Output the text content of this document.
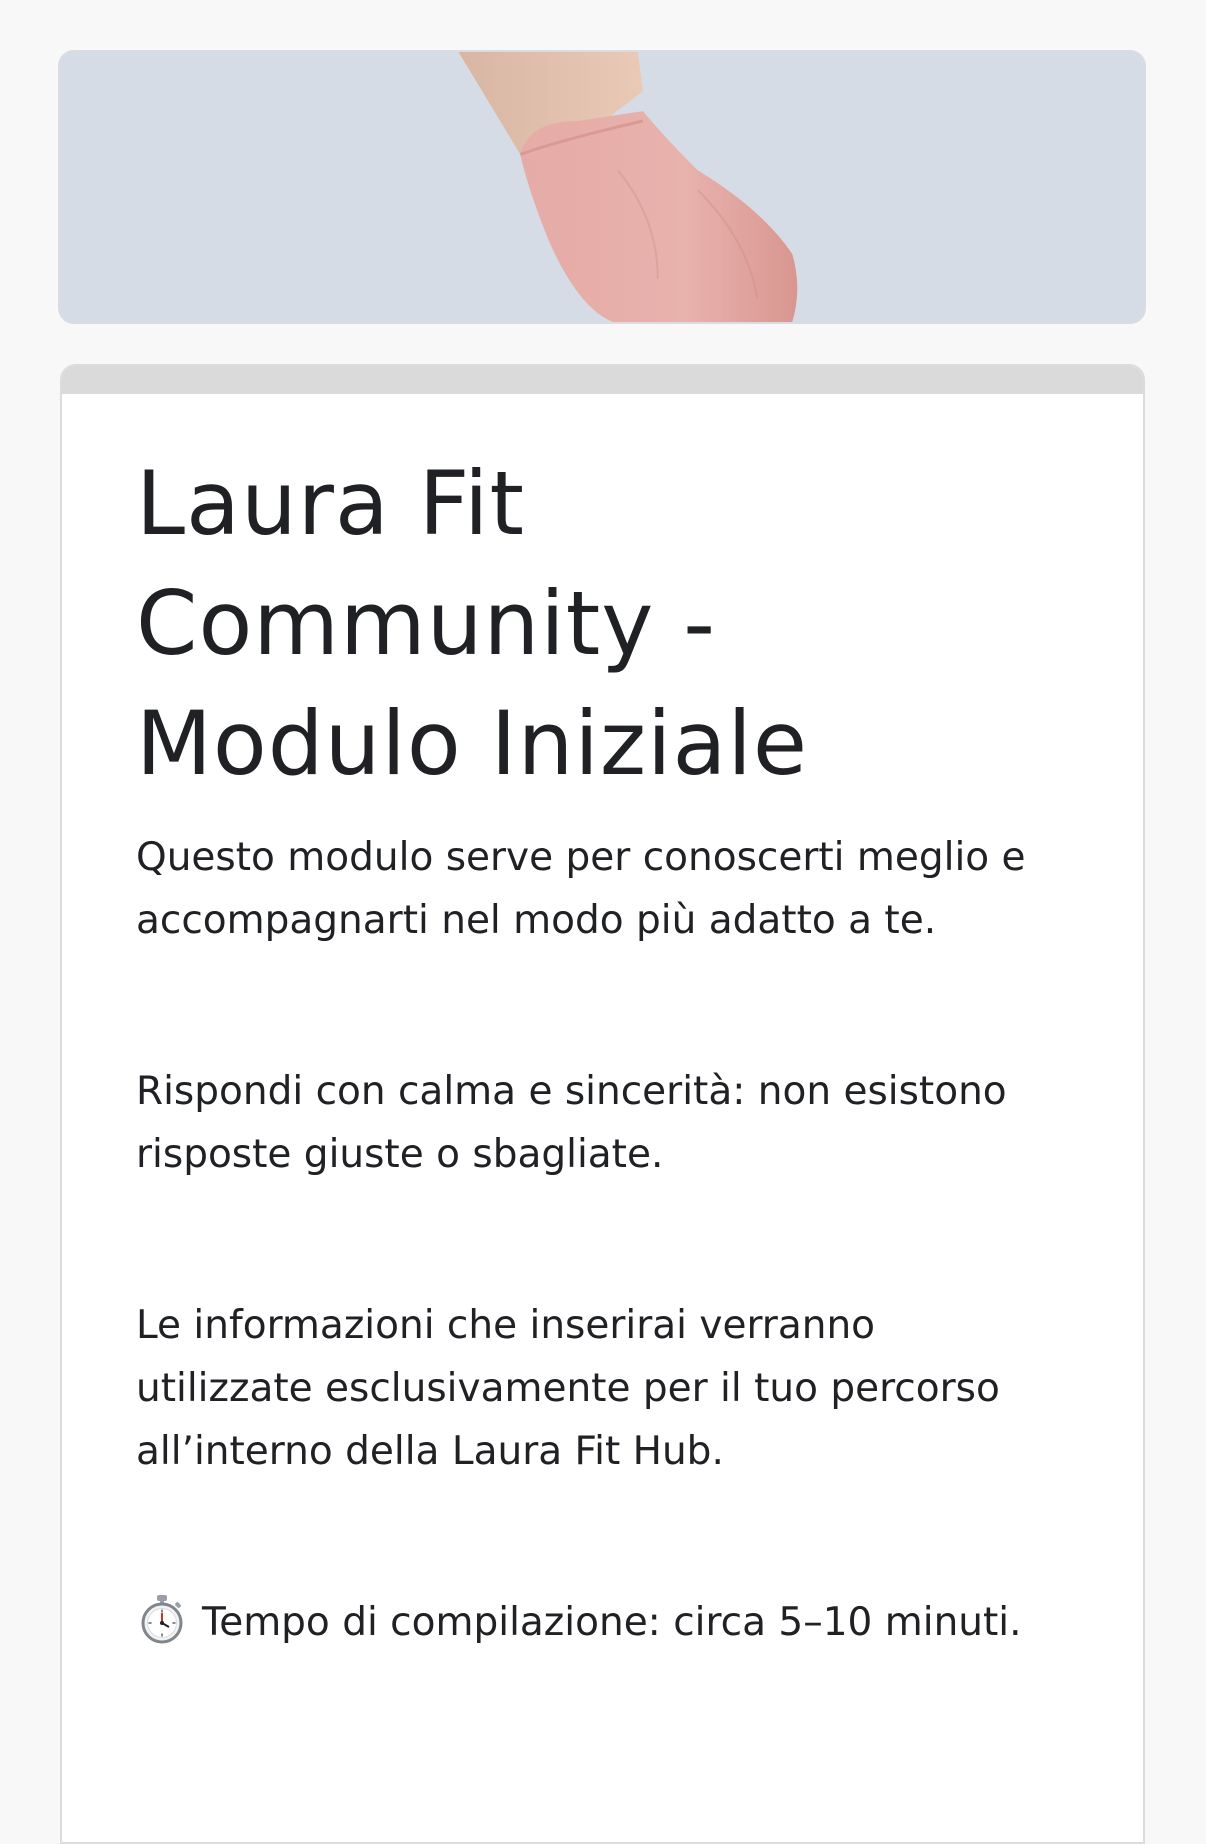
Laura Fit Community - Modulo Iniziale

Questo modulo serve per conoscerti meglio e accompagnarti nel modo più adatto a te.

Rispondi con calma e sincerità: non esistono risposte giuste o sbagliate.

Le informazioni che inserirai verranno utilizzate esclusivamente per il tuo percorso all’interno della Laura Fit Hub.

Tempo di compilazione: circa 5–10 minuti.
